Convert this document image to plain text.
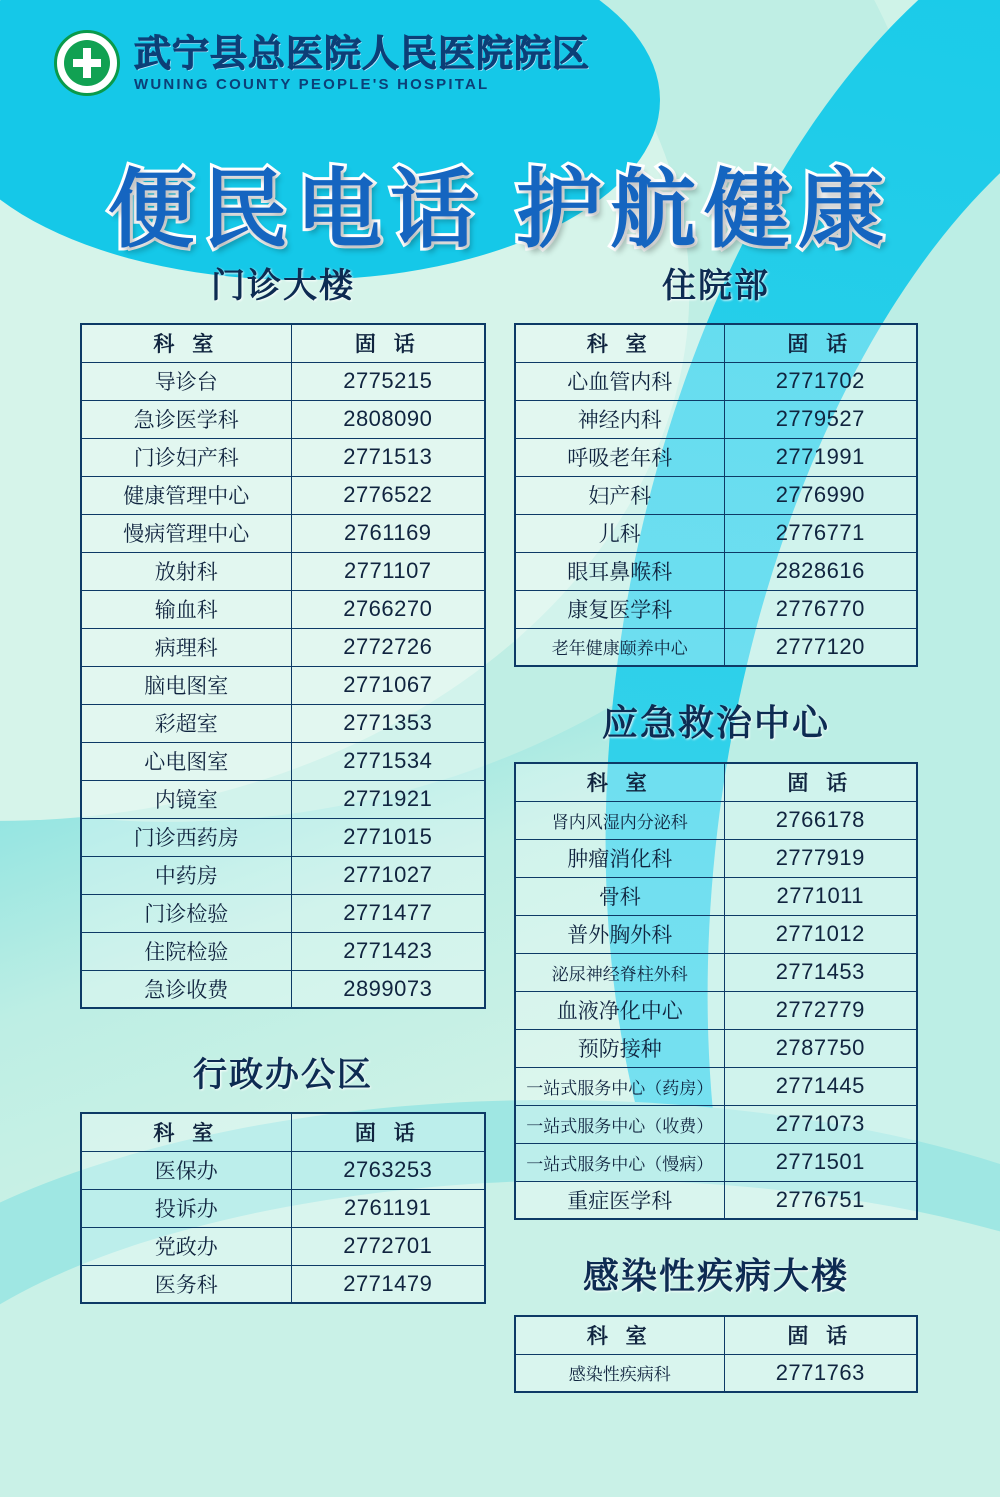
武宁县总医院人民医院院区
WUNING COUNTY PEOPLE'S HOSPITAL
便民电话 护航健康
门诊大楼
科 室	固 话
导诊台	2775215
急诊医学科	2808090
门诊妇产科	2771513
健康管理中心	2776522
慢病管理中心	2761169
放射科	2771107
输血科	2766270
病理科	2772726
脑电图室	2771067
彩超室	2771353
心电图室	2771534
内镜室	2771921
门诊西药房	2771015
中药房	2771027
门诊检验	2771477
住院检验	2771423
急诊收费	2899073
行政办公区
科 室	固 话
医保办	2763253
投诉办	2761191
党政办	2772701
医务科	2771479
住院部
科 室	固 话
心血管内科	2771702
神经内科	2779527
呼吸老年科	2771991
妇产科	2776990
儿科	2776771
眼耳鼻喉科	2828616
康复医学科	2776770
老年健康颐养中心	2777120
应急救治中心
科 室	固 话
肾内风湿内分泌科	2766178
肿瘤消化科	2777919
骨科	2771011
普外胸外科	2771012
泌尿神经脊柱外科	2771453
血液净化中心	2772779
预防接种	2787750
一站式服务中心（药房）	2771445
一站式服务中心（收费）	2771073
一站式服务中心（慢病）	2771501
重症医学科	2776751
感染性疾病大楼
科 室	固 话
感染性疾病科	2771763
